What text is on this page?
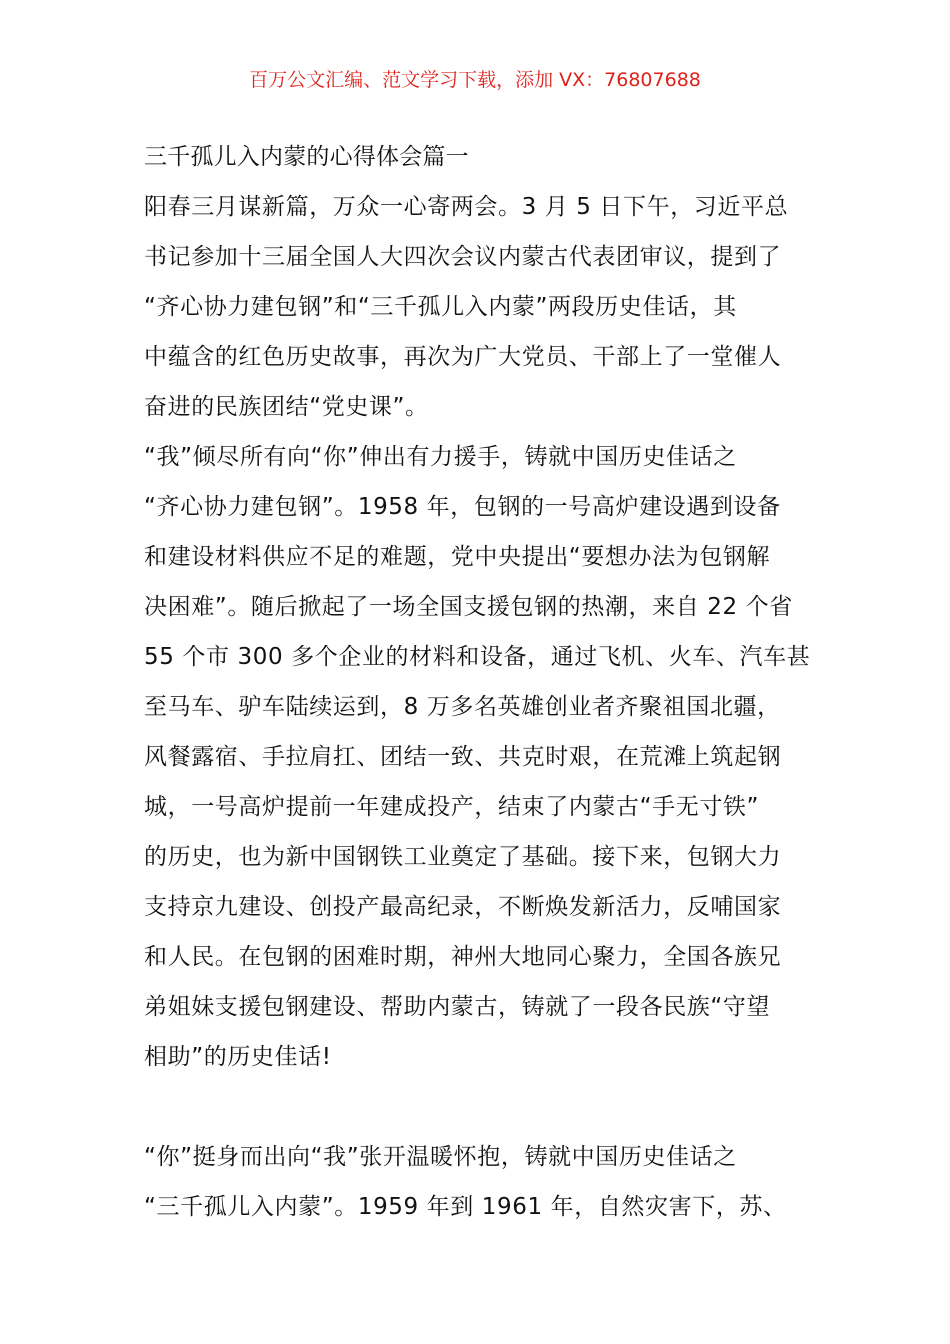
百万公文汇编、范文学习下载，添加 VX：76807688
三千孤儿入内蒙的心得体会篇一
阳春三月谋新篇，万众一心寄两会。3 月 5 日下午，习近平总
书记参加十三届全国人大四次会议内蒙古代表团审议，提到了
“齐心协力建包钢”和“三千孤儿入内蒙”两段历史佳话，其
中蕴含的红色历史故事，再次为广大党员、干部上了一堂催人
奋进的民族团结“党史课”。
“我”倾尽所有向“你”伸出有力援手，铸就中国历史佳话之
“齐心协力建包钢”。1958 年，包钢的一号高炉建设遇到设备
和建设材料供应不足的难题，党中央提出“要想办法为包钢解
决困难”。随后掀起了一场全国支援包钢的热潮，来自 22 个省
55 个市 300 多个企业的材料和设备，通过飞机、火车、汽车甚
至马车、驴车陆续运到，8 万多名英雄创业者齐聚祖国北疆，
风餐露宿、手拉肩扛、团结一致、共克时艰，在荒滩上筑起钢
城，一号高炉提前一年建成投产，结束了内蒙古“手无寸铁”
的历史，也为新中国钢铁工业奠定了基础。接下来，包钢大力
支持京九建设、创投产最高纪录，不断焕发新活力，反哺国家
和人民。在包钢的困难时期，神州大地同心聚力，全国各族兄
弟姐妹支援包钢建设、帮助内蒙古，铸就了一段各民族“守望
相助”的历史佳话!
“你”挺身而出向“我”张开温暖怀抱，铸就中国历史佳话之
“三千孤儿入内蒙”。1959 年到 1961 年，自然灾害下，苏、
